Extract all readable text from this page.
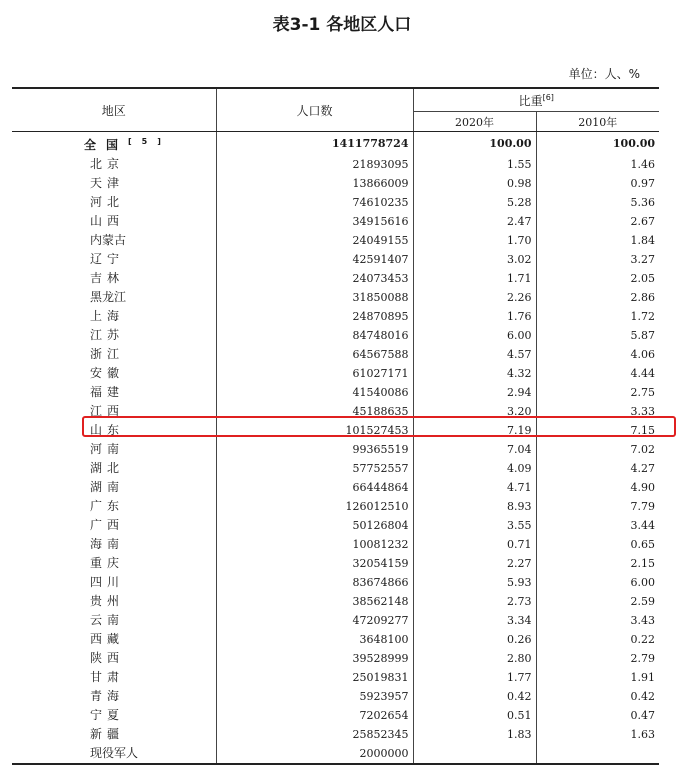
表3-1 各地区人口
单位：人、%
地区	人口数	比重[6]
		2020年	2010年
全国[5]	1411778724	100.00	100.00
北京	21893095	1.55	1.46
天津	13866009	0.98	0.97
河北	74610235	5.28	5.36
山西	34915616	2.47	2.67
内蒙古	24049155	1.70	1.84
辽宁	42591407	3.02	3.27
吉林	24073453	1.71	2.05
黑龙江	31850088	2.26	2.86
上海	24870895	1.76	1.72
江苏	84748016	6.00	5.87
浙江	64567588	4.57	4.06
安徽	61027171	4.32	4.44
福建	41540086	2.94	2.75
江西	45188635	3.20	3.33
山东	101527453	7.19	7.15
河南	99365519	7.04	7.02
湖北	57752557	4.09	4.27
湖南	66444864	4.71	4.90
广东	126012510	8.93	7.79
广西	50126804	3.55	3.44
海南	10081232	0.71	0.65
重庆	32054159	2.27	2.15
四川	83674866	5.93	6.00
贵州	38562148	2.73	2.59
云南	47209277	3.34	3.43
西藏	3648100	0.26	0.22
陕西	39528999	2.80	2.79
甘肃	25019831	1.77	1.91
青海	5923957	0.42	0.42
宁夏	7202654	0.51	0.47
新疆	25852345	1.83	1.63
现役军人	2000000		
